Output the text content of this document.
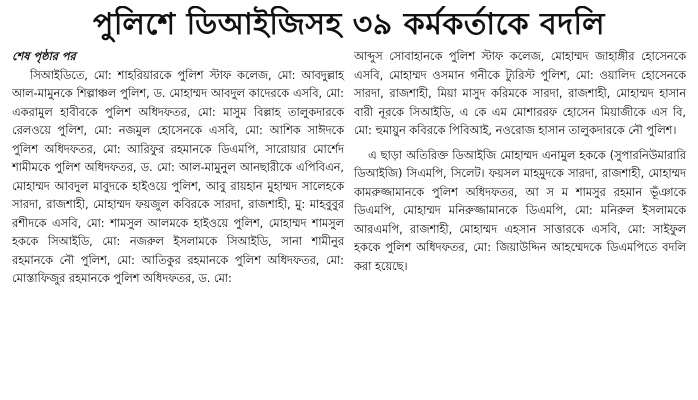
পুলিশে ডিআইজিসহ ৩৯ কর্মকর্তাকে বদলি
শেষ পৃষ্ঠার পর

সিআইডিতে, মো: শাহরিয়ারকে পুলিশ স্টাফ কলেজ, মো: আবদুল্লাহ আল-মামুনকে শিল্পাঞ্চল পুলিশ, ড. মোহাম্মদ আবদুল কাদেরকে এসবি, মো: একরামুল হাবীবকে পুলিশ অধিদফতর, মো: মাসুম বিল্লাহ তালুকদারকে রেলওয়ে পুলিশ, মো: নজমুল হোসেনকে এসবি, মো: আশিক সাঈদকে পুলিশ অধিদফতর, মো: আরিফুর রহমানকে ডিএমপি, সারোয়ার মোর্শেদ শামীমকে পুলিশ অধিদফতর, ড. মো: আল-মামুনুল আনছারীকে এপিবিএন, মোহাম্মদ আবদুল মাবুদকে হাইওয়ে পুলিশ, আবু রায়হান মুহাম্মদ সালেহকে সারদা, রাজশাহী, মোহাম্মদ ফয়জুল কবিরকে সারদা, রাজশাহী, মু: মাহবুবুর রশীদকে এসবি, মো: শামসুল আলমকে হাইওয়ে পুলিশ, মোহাম্মদ শামসুল হককে সিআইডি, মো: নজরুল ইসলামকে সিআইডি, সানা শামীনুর রহমানকে নৌ পুলিশ, মো: আতিকুর রহমানকে পুলিশ অধিদফতর, মো: মোস্তাফিজুর রহমানকে পুলিশ অধিদফতর, ড. মো:

আব্দুস সোবাহানকে পুলিশ স্টাফ কলেজ, মোহাম্মদ জাহাঙ্গীর হোসেনকে এসবি, মোহাম্মদ ওসমান গনীকে ট্যুরিস্ট পুলিশ, মো: ওয়ালিদ হোসেনকে সারদা, রাজশাহী, মিয়া মাসুদ করিমকে সারদা, রাজশাহী, মোহাম্মদ হাসান বারী নূরকে সিআইডি, এ কে এম মোশাররফ হোসেন মিয়াজীকে এস বি, মো: হুমায়ুন কবিরকে পিবিআই, নওরোজ হাসান তালুকদারকে নৌ পুলিশ।

এ ছাড়া অতিরিক্ত ডিআইজি মোহাম্মদ এনামুল হককে (সুপারনিউমারারি ডিআইজি) সিএমপি, সিলেট। ফয়সল মাহমুদকে সারদা, রাজশাহী, মোহাম্মদ কামরুজ্জামানকে পুলিশ অধিদফতর, আ স ম শামসুর রহমান ভূঁঞাকে ডিএমপি, মোহাম্মদ মনিরুজ্জামানকে ডিএমপি, মো: মনিরুল ইসলামকে আরএমপি, রাজশাহী, মোহাম্মদ এহসান সাত্তারকে এসবি, মো: সাইফুল হককে পুলিশ অধিদফতর, মো: জিয়াউদ্দিন আহম্মেদকে ডিএমপিতে বদলি করা হয়েছে।
